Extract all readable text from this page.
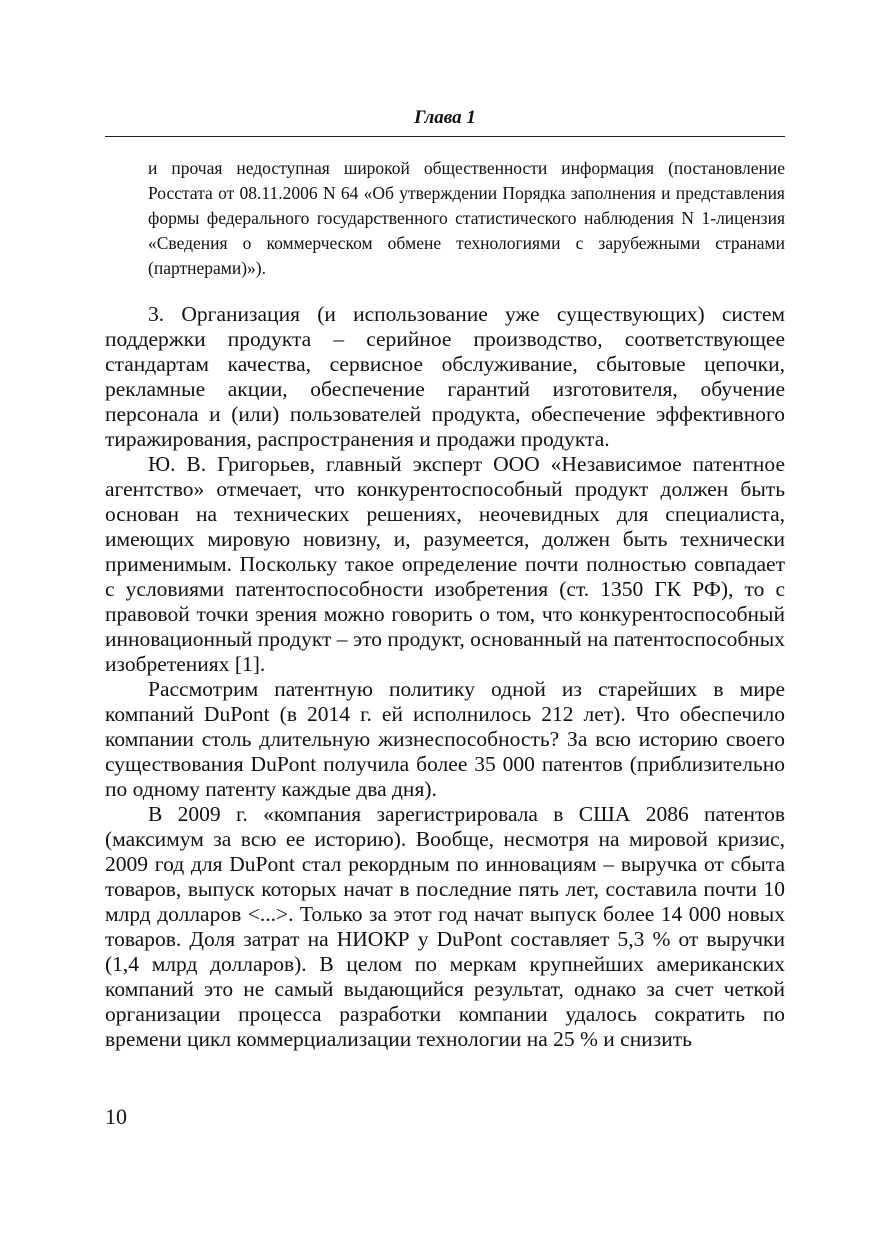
Глава 1

и прочая недоступная широкой общественности информация (постановление Росстата от 08.11.2006 N 64 «Об утверждении Порядка заполнения и представления формы федерального государственного статистического наблюдения N 1-лицензия «Сведения о коммерческом обмене технологиями с зарубежными странами (партнерами)»).

3. Организация (и использование уже существующих) систем поддержки продукта – серийное производство, соответствующее стандартам качества, сервисное обслуживание, сбытовые цепочки, рекламные акции, обеспечение гарантий изготовителя, обучение персонала и (или) пользователей продукта, обеспечение эффективного тиражирования, распространения и продажи продукта.

Ю. В. Григорьев, главный эксперт ООО «Независимое патентное агентство» отмечает, что конкурентоспособный продукт должен быть основан на технических решениях, неочевидных для специалиста, имеющих мировую новизну, и, разумеется, должен быть технически применимым. Поскольку такое определение почти полностью совпадает с условиями патентоспособности изобретения (ст. 1350 ГК РФ), то с правовой точки зрения можно говорить о том, что конкурентоспособный инновационный продукт – это продукт, основанный на патентоспособных изобретениях [1].

Рассмотрим патентную политику одной из старейших в мире компаний DuPont (в 2014 г. ей исполнилось 212 лет). Что обеспечило компании столь длительную жизнеспособность? За всю историю своего существования DuPont получила более 35 000 патентов (приблизительно по одному патенту каждые два дня).

В 2009 г. «компания зарегистрировала в США 2086 патентов (максимум за всю ее историю). Вообще, несмотря на мировой кризис, 2009 год для DuPont стал рекордным по инновациям – выручка от сбыта товаров, выпуск которых начат в последние пять лет, составила почти 10 млрд долларов <...>. Только за этот год начат выпуск более 14 000 новых товаров. Доля затрат на НИОКР у DuPont составляет 5,3 % от выручки (1,4 млрд долларов). В целом по меркам крупнейших американских компаний это не самый выдающийся результат, однако за счет четкой организации процесса разработки компании удалось сократить по времени цикл коммерциализации технологии на 25 % и снизить

10
